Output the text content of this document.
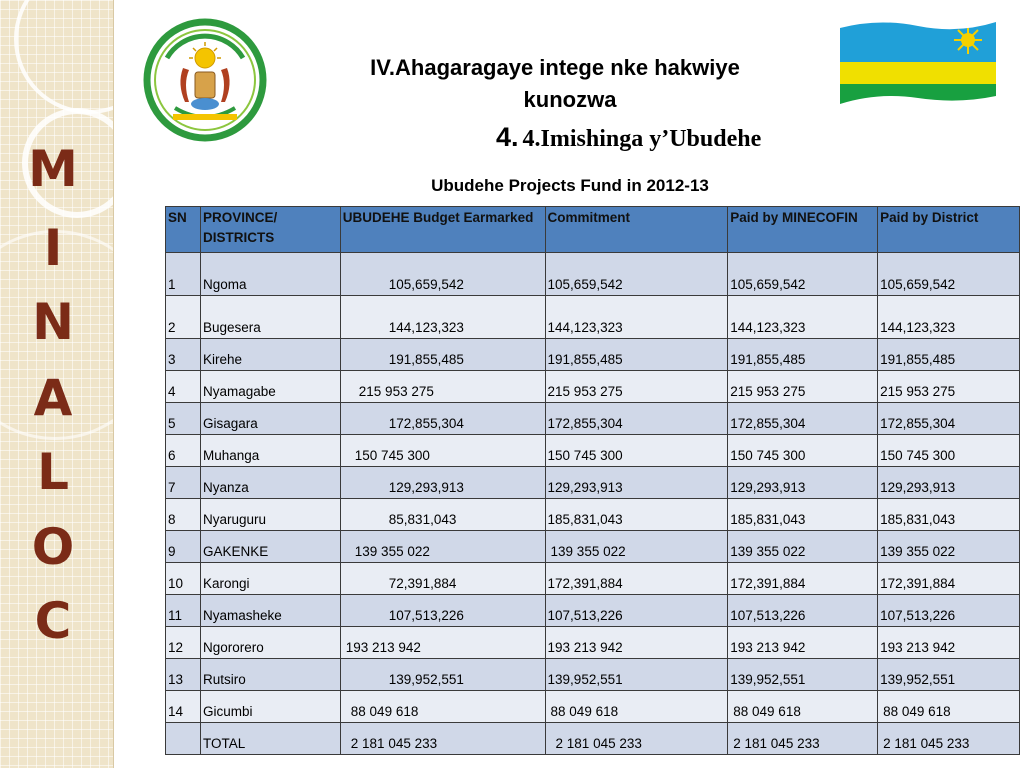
M
I
N
A
L
O
C
IV.Ahagaragaye intege nke hakwiye
kunozwa
4. 4.Imishinga y’Ubudehe
Ubudehe Projects Fund in 2012-13
SN	PROVINCE/ DISTRICTS	UBUDEHE Budget Earmarked	Commitment	Paid by MINECOFIN	Paid by District
1	Ngoma	105,659,542	105,659,542	105,659,542	105,659,542
2	Bugesera	144,123,323	144,123,323	144,123,323	144,123,323
3	Kirehe	191,855,485	191,855,485	191,855,485	191,855,485
4	Nyamagabe	215 953 275	215 953 275	215 953 275	215 953 275
5	Gisagara	172,855,304	172,855,304	172,855,304	172,855,304
6	Muhanga	150 745 300	150 745 300	150 745 300	150 745 300
7	Nyanza	129,293,913	129,293,913	129,293,913	129,293,913
8	Nyaruguru	85,831,043	185,831,043	185,831,043	185,831,043
9	GAKENKE	139 355 022	139 355 022	139 355 022	139 355 022
10	Karongi	72,391,884	172,391,884	172,391,884	172,391,884
11	Nyamasheke	107,513,226	107,513,226	107,513,226	107,513,226
12	Ngororero	193 213 942	193 213 942	193 213 942	193 213 942
13	Rutsiro	139,952,551	139,952,551	139,952,551	139,952,551
14	Gicumbi	88 049 618	88 049 618	88 049 618	88 049 618
	TOTAL	2 181 045 233	2 181 045 233	2 181 045 233	2 181 045 233
